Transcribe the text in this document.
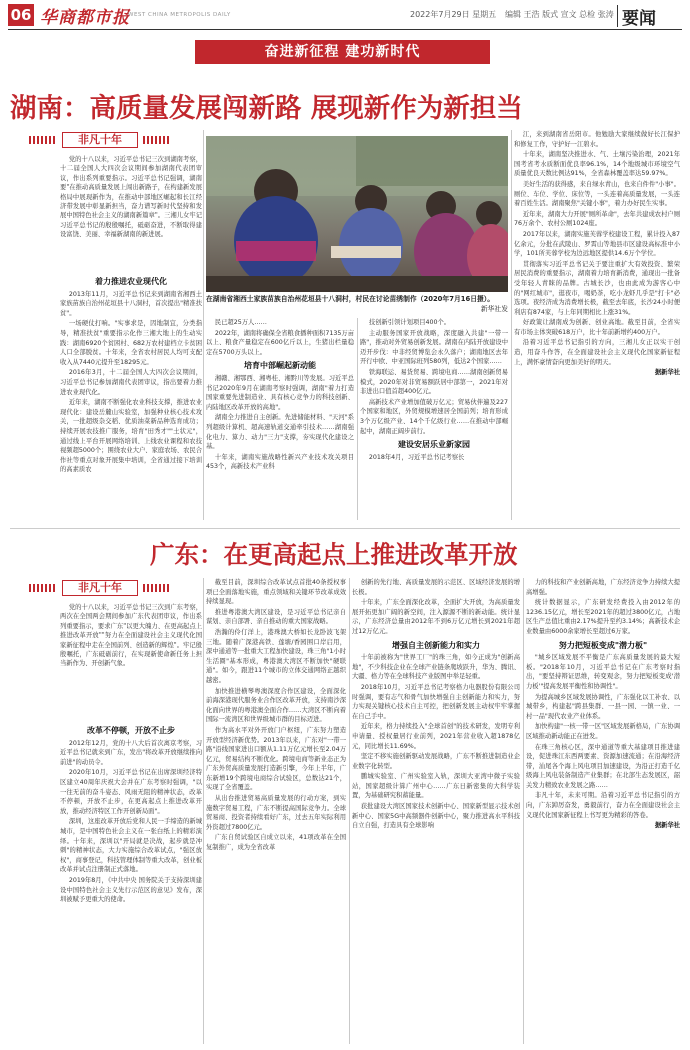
06 华商都市报
WEST CHINA METROPOLIS DAILY	2022年7月29日 星期五 编辑 王浩 版式 宣文 总检 张涛 要闻
奋进新征程 建功新时代
湖南：高质量发展闯新路 展现新作为新担当
非凡十年

党的十八以来，习近平总书记三次到湖南考察，十二届全国人大四次会议期间参加湖南代表团审议，作出系列重要指示。习近平总书记强调，湖南要"在推动高质量发展上闯出新路子，在构建新发展格局中展现新作为，在推动中部地区崛起和长江经济带发展中彰显新担当，奋力谱写新时代坚持和发展中国特色社会主义的湖南新篇章"。三湘儿女牢记习近平总书记的殷殷嘱托，砥砺奋进，不断取得建设富饶、美丽、幸福新湖南的新进展。

在湖南省湘西土家族苗族自治州花垣县十八洞村，村民在讨论苗绣制作（2020年7月16日摄）。
新华社发
着力推进农业现代化

2013年11月，习近平总书记来到湖南省湘西土家族苗族自治州花垣县十八洞村，首次提出"精准扶贫"。

一场硬仗打响。"实事求是，因地制宜，分类指导，精准扶贫"重要指示化作三湘大地上的生动实践：湖南6920个贫困村、682万农村建档立卡贫困人口全部脱贫。十年来，全省农村居民人均可支配收入从7440元提升至18295元。

2016年3月，十二届全国人大四次会议期间，习近平总书记参加湖南代表团审议，指出要着力推进农业现代化。

近年来，湖南不断强化农业科技支撑，推进农业现代化：建设岳麓山实验室，加强种业核心技术攻关，一批超级杂交稻、优质油菜新品种选育成功；持续开展农技推广服务，培育"田秀才""土状元"，通过线上平台开展网络培训、上线农业课程和农技视频超5000个；围绕农业大户、家庭农场、农民合作社等重点对象开展集中培训，全省通过接下培训的高素质农

民已超25万人……

2022年，湖南将确保全省粮食播种面积7135万亩以上、粮食产量稳定在600亿斤以上，生猪出栏量稳定在5700万头以上。

培育中部崛起新动能

湘赣、湘鄂西、湘粤桂、湘黔川等发展。习近平总书记2020年9月在湖南考察时强调，湖南"着力打造国家重要先进制造业、具有核心竞争力的科技创新、内陆地区改革开放的高地"。

湖南全力推进自主创新。先进储能材料、"天河"系列超级计算机、超高速轨道交通牵引技术……湖南强化电力、算力、动力"三力"支撑，夯实现代化建设之基。

十年来，湖南实施战略性新兴产业技术攻关项目453个，高新技术产业科

技创新引领计划项目400个。

主动服务国家开放战略，深度融入共建"一带一路"，推动对外贸易创新发展。湖南在内陆开放建设中迈开步伐：中非经贸博览会永久落户；湖南地区去年开行中欧、中亚国际班列580列，低达2个国家……

铁海联运、易货贸易、跨境电商……湖南创新贸易模式，2020年对非贸易额跃居中部第一，2021年对非进出口值首超400亿元。

高新技术产业增加值破万亿元；贸易伙伴遍及227个国家和地区，外贸规模增速居全国前列；培育形成3个万亿级产业、14个千亿级行业……在推动中部崛起中，湖南正阔步前行。

建设安居乐业新家园

2018年4月，习近平总书记考察长

江，来到湖南省岳阳市。他勉励大家继续做好长江保护和修复工作，守护好一江碧水。

十年来，湖南坚决推进水、气、土壤污染治理，2021年国考省考水质断面优良率96.1%，14个地级城市环境空气质量优良天数比例达91%，全省森林覆盖率达59.97%。

美好生活的获得感，来自绿水青山，也来自件件"小事"。厕位、车位、学位、床位等，一头连着高质量发展，一头连着百姓生活。湖南聚焦"关键小事"，着力办好民生实事。

近年来，湖南大力开展"厕所革命"，去年共建成农村户厕76万余个、农村公厕1024座。

2017年以来，湖南实施芙蓉学校建设工程，累计投入87亿余元，分批在武陵山、罗霄山等地县市区建设高标准中小学，101所芙蓉学校为边远地区提供14.6万个学位。

贯彻落实习近平总书记关于要注重扩大有效投资、繁荣居民消费的重要指示，湖南着力培育新消费，通现出一批备受年轻人青睐的品牌。古城长沙，也由此成为游客心中的"网红城市"，逛夜市，喝奶茶，吃小龙虾几乎是"打卡"必选项。夜经济成为消费增长极，截至去年底，长沙24小时便利店有874家，与上年同期相比上涨31%。

好政策让湖南成为创新、创业高地。截至目前，全省实有市场主体突破618万户，比十年前新增约400万户。

沿着习近平总书记指引的方向，三湘儿女正以实干创造，用奋斗作答，在全面建设社会主义现代化国家新征程上，满怀豪情奋向更加美好的明天。

据新华社

广东：在更高起点上推进改革开放
非凡十年

党的十八以来，习近平总书记三次到广东考察，两次在全国两会期间参加广东代表团审议，作出系列重要指示，要求广东"以更大魄力、在更高起点上推进改革开放""努力在全面建设社会主义现代化国家新征程中走在全国前列、创造新的辉煌"。牢记殷殷嘱托，广东砥砺前行，在实现新使命新任务上担当新作为、开创新气象。

改革不停顿，开放不止步

2012年12月，党的十八大后首次离京考察，习近平总书记就来到广东，发出"将改革开放继续推向前进"的动员令。

2020年10月，习近平总书记在出席深圳经济特区建立40周年庆祝大会并在广东考察时强调，"以一往无前的奋斗姿态、风雨无阻的精神状态，改革不停顿，开放不止步，在更高起点上推进改革开放，推动经济特区工作开创新局面"。

深圳，这座改革开放后党和人民一手缔造的新城城市，是中国特色社会主义在一张白纸上的精彩演绎。十年来，深圳以"开局就是决战，起步就是冲刺"的精神状态，大力实施综合改革试点，"强区放权"，商事登记，科技管理体制等重大改革，创业板改革并试点注册制正式落地。

2019年8月，《中共中央 国务院关于支持深圳建设中国特色社会主义先行示范区的意见》发布，深圳被赋予更重大的使命。

截至目前，深圳综合改革试点首批40条授权事项已全面落地实施，重点领域和关键环节改革成效持续显现。

推进粤港澳大湾区建设，是习近平总书记亲自谋划、亲自部署、亲自推动的重大国家战略。

浩瀚的伶仃洋上，港珠澳大桥如长龙卧波飞架三地。随着广深港高铁、莲塘/香园围口岸启用，深中通道等一批重大工程加快建设，珠三角"1小时生活圈"基本形成，粤港澳大湾区不断加快"硬联通"。如今，跟进11个城市的立体交通网络正越织越密。

加快推进横琴粤澳深度合作区建设，全面深化前海深港现代服务业合作区改革开放，支持南沙深化面向世界的粤港澳全面合作……大湾区不断向着国际一流湾区和世界级城市群的目标迈进。

作为高水平对外开放门户枢纽，广东努力塑造开放型经济新优势。2013年以来，广东对"一带一路"沿线国家进出口额从1.11万亿元增长至2.04万亿元，贸易结构不断优化。跨境电商等新业态正为广东外贸高质量发展打造新引擎，今年上半年，广东新增19个跨境电商综合试验区，总数达21个，实现了全省覆盖。

从出台推进贸易高质量发展的行动方案，到实施数字贸易工程，广东不断提高国际竞争力。全球贸易商、投资者持续看好广东，过去五年实际利用外资超过7800亿元。

广东自贸试验区自成立以来，41项改革在全国复制推广，成为全省改革

创新的先行地、高质量发展的示范区、区域经济发展的增长极。

十年来，广东全面深化改革，全面扩大开放，为高质量发展开拓更加广阔的新空间，注入源源不断的新动能。统计显示，广东经济总量由2012年不到6万亿元增长到2021年超过12万亿元。

增强自主创新能力和实力

十年前被称为"世界工厂"的珠三角，如今正成为"创新高地"，不少科技企业在全球产业链条爬坡跃升，华为、腾讯、大疆、格力等在全球科技产业版图中举足轻重。

2018年10月，习近平总书记考察格力电器股份有限公司时强调，要有志气和骨气加快增强自主创新能力和实力，努力实现关键核心技术自主可控，把创新发展主动权牢牢掌握在自己手中。

近年来，格力持续投入"全球首创"的技术研发，发明专利申请量、授权量居行业前列，2021年营业收入超1878亿元，同比增长11.69%。

坚定不移实施创新驱动发展战略，广东不断推进制造业企业数字化转型。

鹏城实验室、广州实验室入轨，深圳大亚湾中微子实验站，国家超级计算广州中心……广东日新密集的大科学装置，为基础研究积蓄能量。

获批建设大湾区国家技术创新中心、国家新型显示技术创新中心、国家5G中高频器件创新中心，聚力推进高水平科技自立自强，打造具有全球影响

力的科技和产业创新高地，广东经济竞争力持续大提高增强。

统计数据显示，广东研发经费投入由2012年的1236.15亿元，增长至2021年的超过3800亿元，占地区生产总值比重由2.17%提升至约3.14%；高新技术企业数量由6000余家增长至超过6万家。

努力把短板变成"潜力板"

"城乡区域发展不平衡是广东高质量发展的最大短板。"2018年10月，习近平总书记在广东考察时指出，"要坚持辩证思维，转变观念，努力把短板变成'潜力板'"提高发展平衡性和协调性"。

为提高城乡区域发展协调性，广东强化以工补农、以城带乡，构建起"跨县集群、一县一园、一镇一业、一村一品"现代农业产业体系。

加快构建"一核一带一区"区域发展新格局，广东协调区域推动新动能正在迸发。

在珠三角核心区，深中通道等重大基建项目推进建设，促进珠江东西两要素、资源加速流通；在沿海经济带，汕尾各个海上风电项目加速建设，为沿正打造千亿级海上风电装备制造产业集群；在北部生态发展区，韶关发力精致农业发展之路……

非凡十年，未来可期。沿着习近平总书记指引的方向，广东踔厉奋发，勇毅前行，奋力在全面建设社会主义现代化国家新征程上书写更为精彩的答卷。

据新华社
